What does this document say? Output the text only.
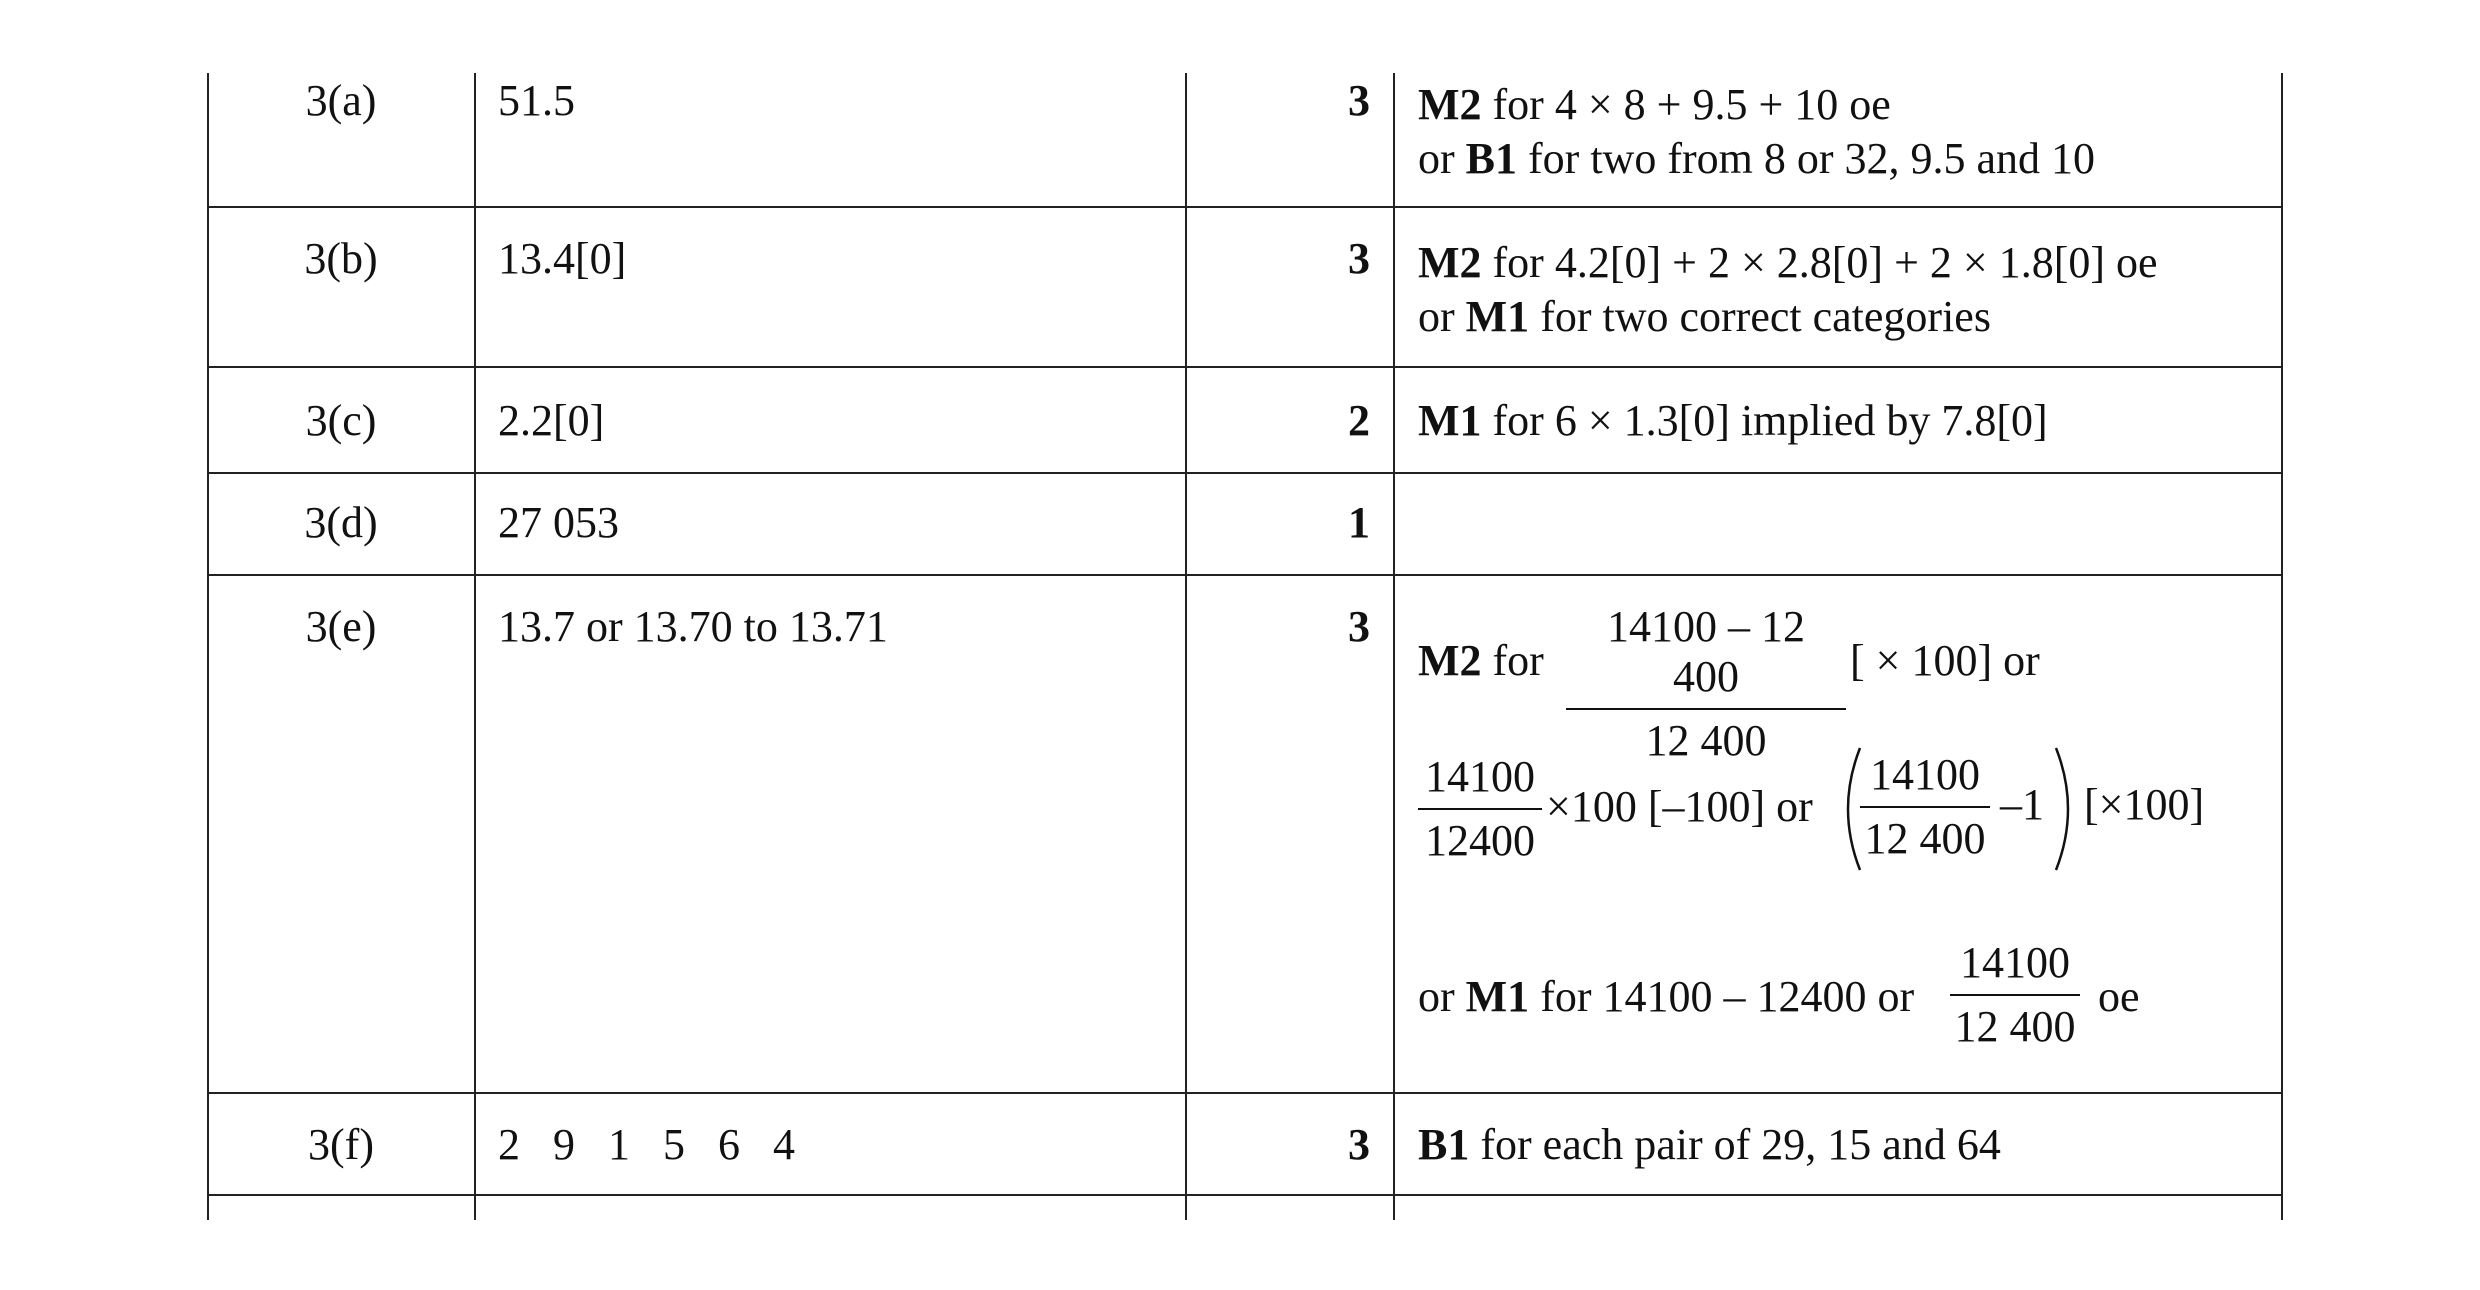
3(a)	51.5	3 M2 for 4 × 8 + 9.5 + 10 oe
or B1 for two from 8 or 32, 9.5 and 10
3(b)	13.4[0]	3 M2 for 4.2[0] + 2 × 2.8[0] + 2 × 1.8[0] oe
or M1 for two correct categories
3(c)	2.2[0]	2 M1 for 6 × 1.3[0] implied by 7.8[0]
3(d)	27 053	1
3(e)	13.7 or 13.70 to 13.71	3
M2 for
14100 – 12 400
12 400
[ × 100] or
14100
12400
×100 [–100] or
14100
12 400
–1 [×100]
or M1 for 14100 – 12400 or
14100
12 400
oe
3(f)	2   9   1   5   6   4	3 B1 for each pair of 29, 15 and 64
